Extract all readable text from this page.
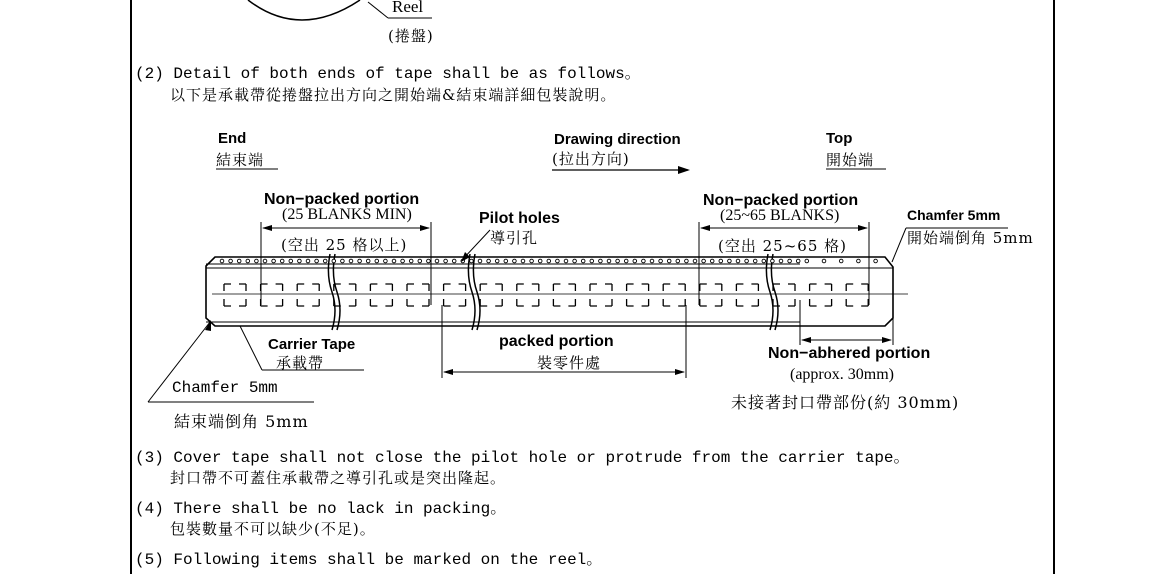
Reel
(捲盤)
(2) Detail of both ends of tape shall be as follows。
以下是承載帶從捲盤拉出方向之開始端&結束端詳細包裝說明。
End
結束端
Drawing direction
(拉出方向)
Top
開始端
Non−packed portion
(25 BLANKS MIN)
(空出 25 格以上)
Pilot holes
導引孔
Non−packed portion
(25~65 BLANKS)
(空出 25~65 格)
Chamfer 5mm
開始端倒角 5mm
Carrier Tape
承載帶
packed portion
裝零件處
Non−abhered portion
(approx. 30mm)
未接著封口帶部份(約 30mm)
Chamfer 5mm
結束端倒角 5mm
(3) Cover tape shall not close the pilot hole or protrude from the carrier tape。
封口帶不可蓋住承載帶之導引孔或是突出隆起。
(4) There shall be no lack in packing。
包裝數量不可以缺少(不足)。
(5) Following items shall be marked on the reel。
